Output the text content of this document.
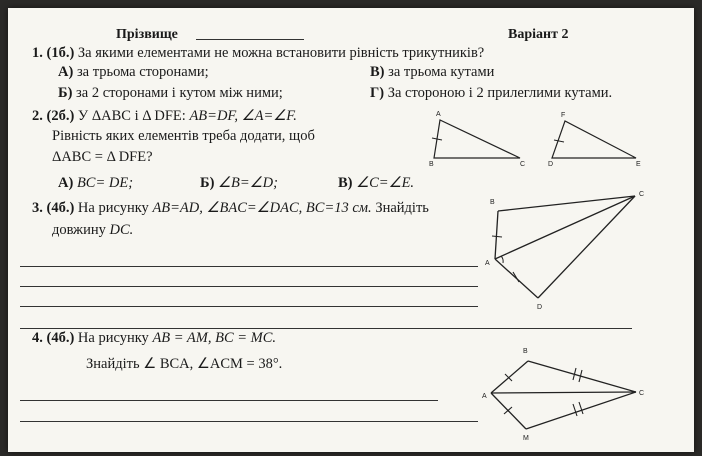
Прізвище	Варіант 2
1. (1б.) За якими елементами не можна встановити рівність трикутників?
А) за трьома сторонами;	В) за трьома кутами
Б) за 2 сторонами і кутом між ними;	Г) За стороною і 2 прилеглими кутами.
2. (2б.) У ΔABC і Δ DFE: AB=DF, ∠A=∠F.
Рівність яких елементів треба додати, щоб
ΔABC = Δ DFE?
А) BC= DE;	Б) ∠B=∠D;	В) ∠C=∠E.
A
B	C
F
D	E
B
C
A
D
B
A	C
M
3. (4б.) На рисунку AB=AD, ∠BAC=∠DAC, BC=13 см. Знайдіть
довжину DC.
4. (4б.) На рисунку AB = AM, BC = MC.
Знайдіть ∠ BCA, ∠ACM = 38°.
